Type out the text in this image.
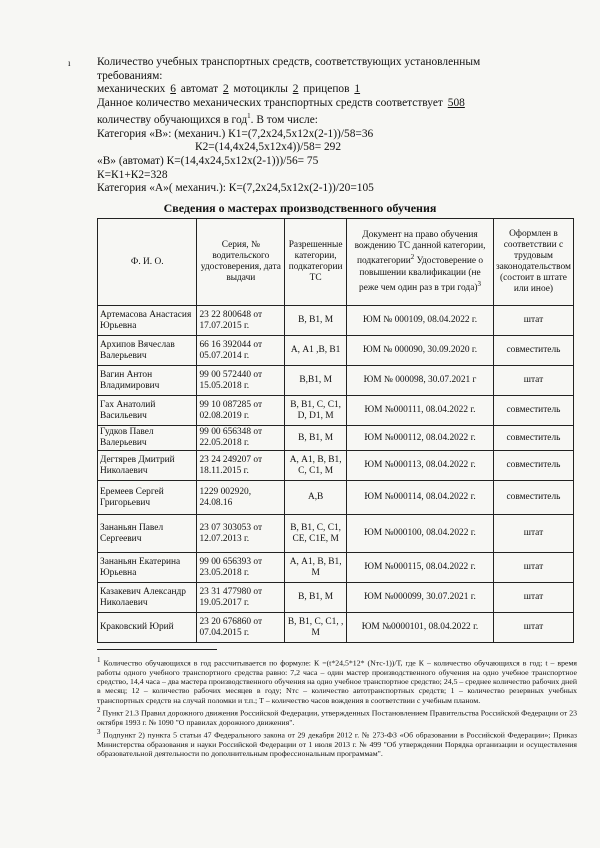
ı Количество учебных транспортных средств, соответствующих установленным
требованиям:
механических 6 автомат 2 мотоциклы 2 прицепов 1
Данное количество механических транспортных средств соответствует 508
количеству обучающихся в год$^1$. В том числе:
Категория «В»: (механич.) К1=(7,2х24,5х12х(2-1))/58=36
К2=(14,4х24,5х12х4))/58= 292
«В» (автомат) К=(14,4х24,5х12х(2-1)))/56= 75
К=К1+К2=328
Категория «А»( механич.): К=(7,2х24,5х12х(2-1))/20=105
Сведения о мастерах производственного обучения
Ф. И. О.	Серия, № водительского удостоверения, дата выдачи	Разрешенные категории, подкатегории ТС	Документ на право обучения вождению ТС данной категории, подкатегории$^2$ Удостоверение о повышении квалификации (не реже чем один раз в три года)$^3$	Оформлен в соответствии с трудовым законодательством (состоит в штате или иное)
Артемасова Анастасия Юрьевна	23 22 800648 от 17.07.2015 г.	В, В1, М	ЮМ № 000109, 08.04.2022 г.	штат
Архипов Вячеслав Валерьевич	66 16 392044 от 05.07.2014 г.	А, А1 ,В, В1	ЮМ № 000090, 30.09.2020 г.	совместитель
Вагин Антон Владимирович	99 00 572440 от 15.05.2018 г.	В,В1, М	ЮМ № 000098, 30.07.2021 г	штат
Гах Анатолий Васильевич	99 10 087285 от 02.08.2019 г.	В, В1, С, С1, D, D1, М	ЮМ №000111, 08.04.2022 г.	совместитель
Гудков Павел Валерьевич	99 00 656348 от 22.05.2018 г.	В, В1, М	ЮМ №000112, 08.04.2022 г.	совместитель
Дегтярев Дмитрий Николаевич	23 24 249207 от 18.11.2015 г.	А, А1, В, В1, С, С1, М	ЮМ №000113, 08.04.2022 г.	совместитель
Еремеев Сергей Григорьевич	1229 002920, 24.08.16	А,В	ЮМ №000114, 08.04.2022 г.	совместитель
Зананьян Павел Сергеевич	23 07 303053 от 12.07.2013 г.	В, В1, С, С1, СЕ, С1Е, М	ЮМ №000100, 08.04.2022 г.	штат
Зананьян Екатерина Юрьевна	99 00 656393 от 23.05.2018 г.	А, А1, В, В1, М	ЮМ №000115, 08.04.2022 г.	штат
Казакевич Александр Николаевич	23 31 477980 от 19.05.2017 г.	В, В1, М	ЮМ №000099, 30.07.2021 г.	штат
Краковский Юрий	23 20 676860 от 07.04.2015 г.	В, В1, С, С1, , М	ЮМ №0000101, 08.04.2022 г.	штат

$^1$ Количество обучающихся в год рассчитывается по формуле: К =(t*24,5*12* (Nтс-1))/Т, где К – количество обучающихся в год; t – время работы одного учебного транспортного средства равно: 7,2 часа – один мастер производственного обучения на одно учебное транспортное средство, 14,4 часа – два мастера производственного обучения на одно учебное транспортное средство; 24,5 – среднее количество рабочих дней в месяц; 12 – количество рабочих месяцев в году; Nтс – количество автотранспортных средств; 1 – количество резервных учебных транспортных средств на случай поломки и т.п.; Т – количество часов вождения в соответствии с учебным планом.

$^2$ Пункт 21.3 Правил дорожного движения Российской Федерации, утвержденных Постановлением Правительства Российской Федерации от 23 октября 1993 г. № 1090 "О правилах дорожного движения".

$^3$ Подпункт 2) пункта 5 статьи 47 Федерального закона от 29 декабря 2012 г. № 273-ФЗ «Об образовании в Российской Федерации»; Приказ Министерства образования и науки Российской Федерации от 1 июля 2013 г. № 499 "Об утверждении Порядка организации и осуществления образовательной деятельности по дополнительным профессиональным программам".
